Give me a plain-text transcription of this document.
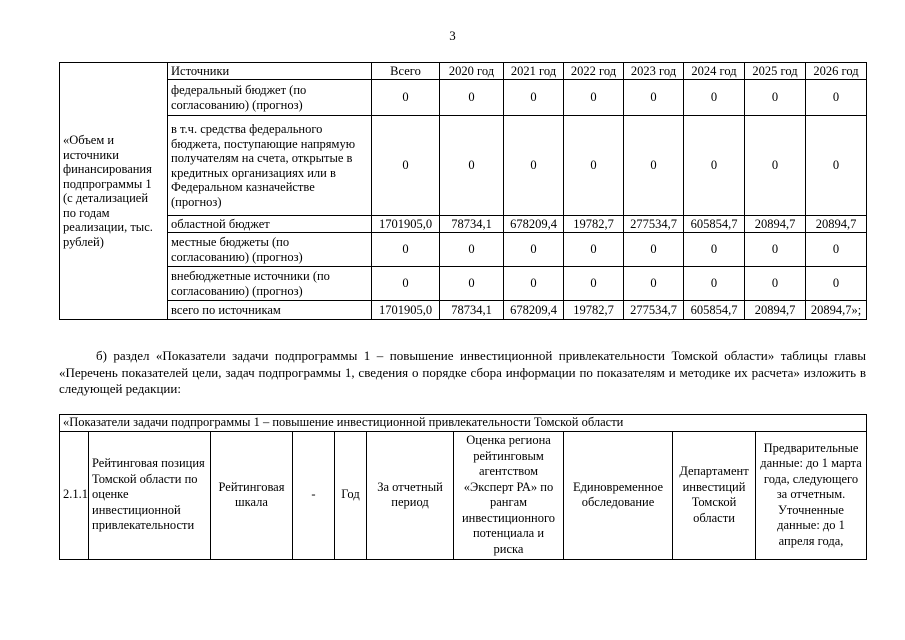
3
«Объем и источники финансирования подпрограммы 1 (с детализацией по годам реализации, тыс. рублей)	Источники	Всего	2020 год	2021 год	2022 год	2023 год	2024 год	2025 год	2026 год
	федеральный бюджет (по согласованию) (прогноз)	0	0	0	0	0	0	0	0
	в т.ч. средства федерального бюджета, поступающие напрямую получателям на счета, открытые в кредитных организациях или в Федеральном казначействе (прогноз)	0	0	0	0	0	0	0	0
	областной бюджет	1701905,0	78734,1	678209,4	19782,7	277534,7	605854,7	20894,7	20894,7
	местные бюджеты (по согласованию) (прогноз)	0	0	0	0	0	0	0	0
	внебюджетные источники (по согласованию) (прогноз)	0	0	0	0	0	0	0	0
	всего по источникам	1701905,0	78734,1	678209,4	19782,7	277534,7	605854,7	20894,7	20894,7»;
б) раздел «Показатели задачи подпрограммы 1 – повышение инвестиционной привлекательности Томской области» таблицы главы «Перечень показателей цели, задач подпрограммы 1, сведения о порядке сбора информации по показателям и методике их расчета» изложить в следующей редакции:
«Показатели задачи подпрограммы 1 – повышение инвестиционной привлекательности Томской области
2.1.1	Рейтинговая позиция Томской области по оценке инвестиционной привлекательности	Рейтинговая шкала	-	Год	За отчетный период	Оценка региона рейтинговым агентством «Эксперт РА» по рангам инвестиционного потенциала и риска	Единовременное обследование	Департамент инвестиций Томской области	Предварительные данные: до 1 марта года, следующего за отчетным. Уточненные данные: до 1 апреля года,
